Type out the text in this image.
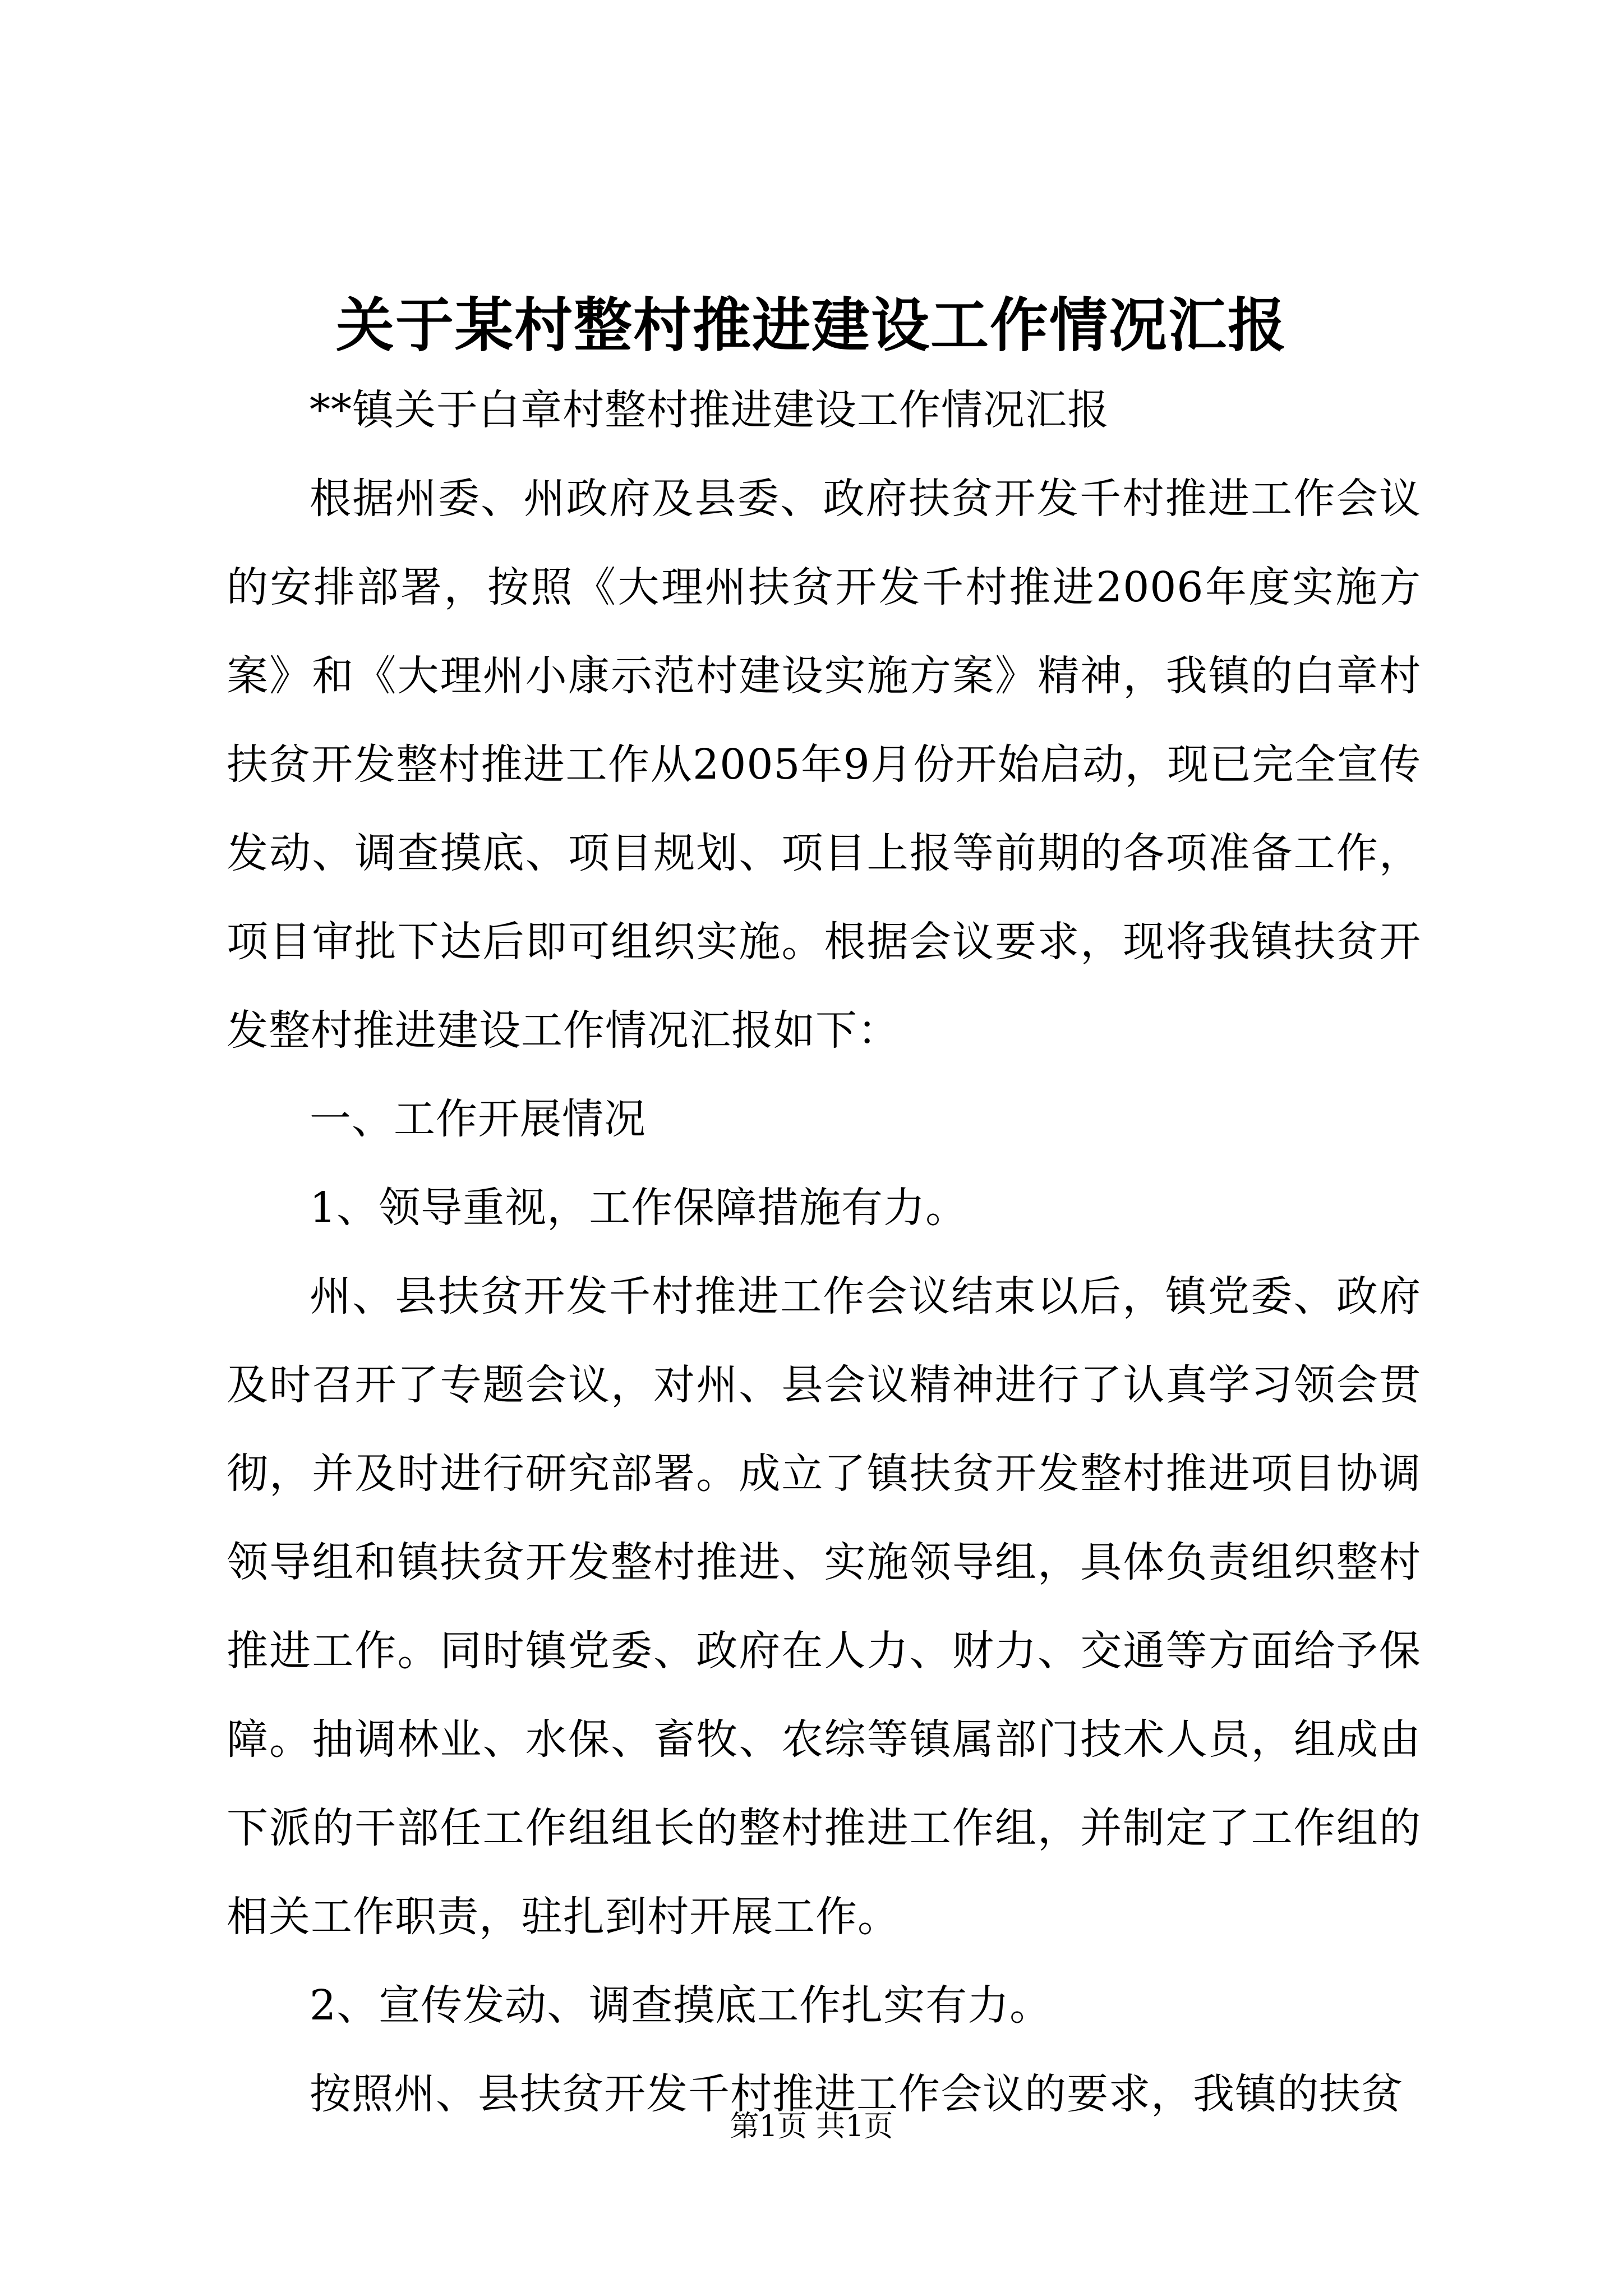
关于某村整村推进建设工作情况汇报

**镇关于白章村整村推进建设工作情况汇报

根据州委、州政府及县委、政府扶贫开发千村推进工作会议的安排部署，按照《大理州扶贫开发千村推进2006年度实施方案》和《大理州小康示范村建设实施方案》精神，我镇的白章村扶贫开发整村推进工作从2005年9月份开始启动，现已完全宣传发动、调查摸底、项目规划、项目上报等前期的各项准备工作，项目审批下达后即可组织实施。根据会议要求，现将我镇扶贫开发整村推进建设工作情况汇报如下：

一、工作开展情况

1、领导重视，工作保障措施有力。

州、县扶贫开发千村推进工作会议结束以后，镇党委、政府及时召开了专题会议，对州、县会议精神进行了认真学习领会贯彻，并及时进行研究部署。成立了镇扶贫开发整村推进项目协调领导组和镇扶贫开发整村推进、实施领导组，具体负责组织整村推进工作。同时镇党委、政府在人力、财力、交通等方面给予保障。抽调林业、水保、畜牧、农综等镇属部门技术人员，组成由下派的干部任工作组组长的整村推进工作组，并制定了工作组的相关工作职责，驻扎到村开展工作。

2、宣传发动、调查摸底工作扎实有力。

按照州、县扶贫开发千村推进工作会议的要求，我镇的扶贫

第1页 共1页
